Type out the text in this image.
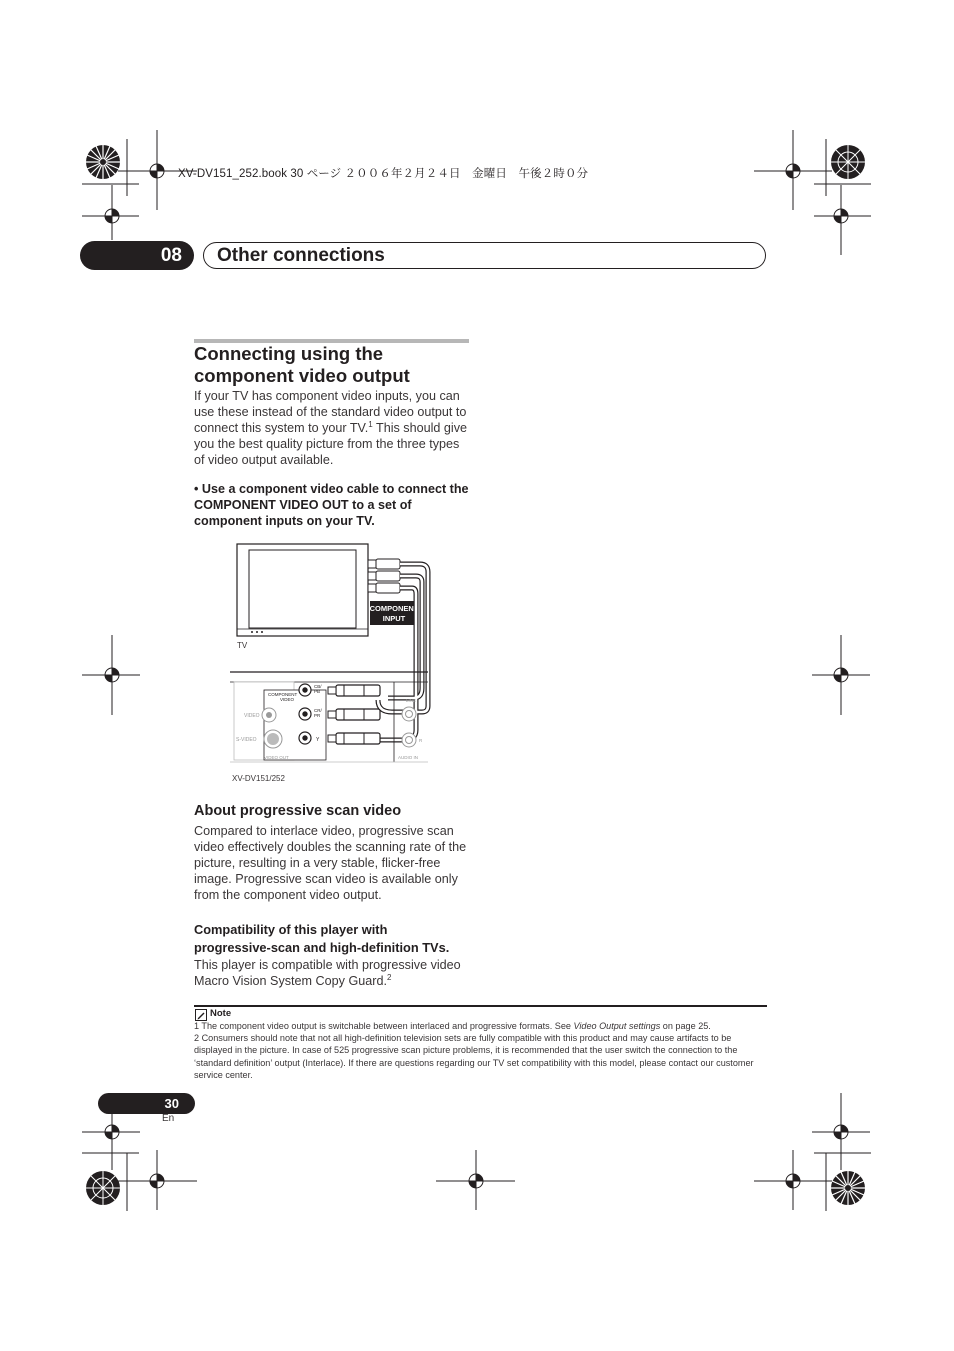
XV-DV151_252.book 30 ページ ２００６年２月２４日　金曜日　午後２時０分
08	Other connections
Connecting using the
component video output
If your TV has component video inputs, you can use these instead of the standard video output to connect this system to your TV.$^1$ This should give you the best quality picture from the three types of video output available.
• Use a component video cable to connect the COMPONENT VIDEO OUT to a set of component inputs on your TV.
TV
COMPONENT
INPUT
COMPONENT
VIDEO
CB/
PB
CR/
PR
Y
VIDEO
S-VIDEO
VIDEO OUT
LINE
R
AUDIO IN
XV-DV151/252
About progressive scan video
Compared to interlace video, progressive scan video effectively doubles the scanning rate of the picture, resulting in a very stable, flicker-free image. Progressive scan video is available only from the component video output.
Compatibility of this player with
progressive-scan and high-definition TVs.
This player is compatible with progressive video Macro Vision System Copy Guard.$^2$
Note
1 The component video output is switchable between interlaced and progressive formats. See Video Output settings on page 25.
2 Consumers should note that not all high-definition television sets are fully compatible with this product and may cause artifacts to be displayed in the picture. In case of 525 progressive scan picture problems, it is recommended that the user switch the connection to the ‘standard definition’ output (Interlace). If there are questions regarding our TV set compatibility with this model, please contact our customer service center.
30
En
